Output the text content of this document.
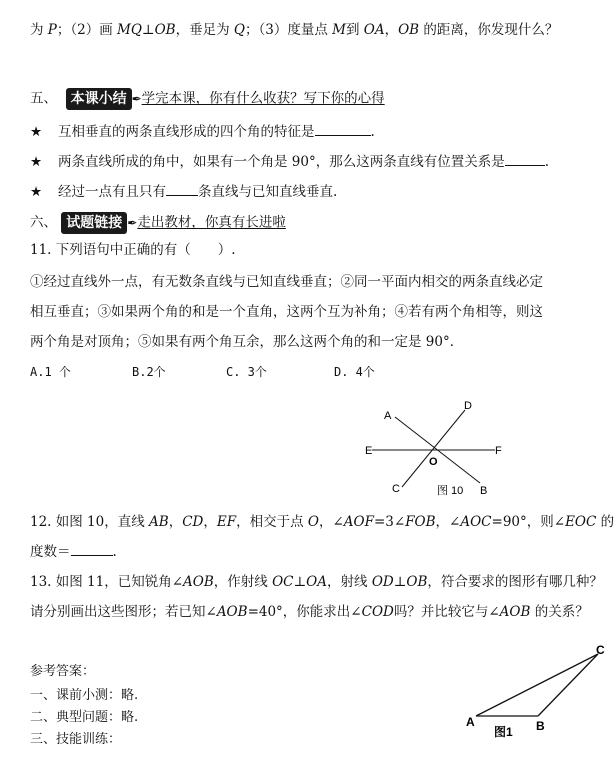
为 P；（2）画 MQ⊥OB，垂足为 Q；（3）度量点 M到 OA，OB 的距离，你发现什么？
五、 本课小结 ✒学完本课，你有什么收获？写下你的心得
★ 互相垂直的两条直线形成的四个角的特征是	.
★ 两条直线所成的角中，如果有一个角是 90°，那么这两条直线有位置关系是	.
★ 经过一点有且只有 条直线与已知直线垂直.
六、 试题链接 ✒走出教材，你真有长进啦
11. 下列语句中正确的有（　　）.
①经过直线外一点，有无数条直线与已知直线垂直；②同一平面内相交的两条直线必定
相互垂直；③如果两个角的和是一个直角，这两个互为补角；④若有两个角相等，则这
两个角是对顶角；⑤如果有两个角互余，那么这两个角的和一定是 90°．
A.1 个	B.2个	C. 3个	D. 4个
A
D
E	F
O
C	B
图 10
12. 如图 10，直线 AB，CD，EF，相交于点 O，∠AOF=3∠FOB，∠AOC=90°，则∠EOC 的
度数＝	.
13. 如图 11，已知锐角∠AOB，作射线 OC⊥OA，射线 OD⊥OB，符合要求的图形有哪几种？
请分别画出这些图形；若已知∠AOB=40°，你能求出∠COD吗？并比较它与∠AOB 的关系？
参考答案：
一、课前小测：略.
二、典型问题：略.
三、技能训练：
A	B
C
图1
